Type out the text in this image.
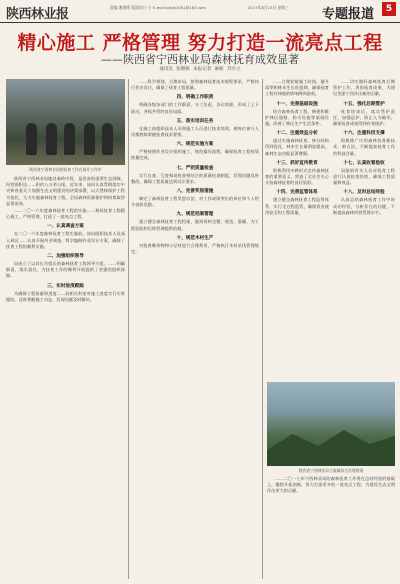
陕西林业报	责编 谢建晖 版面设计 于 E-mail:sxlyb1001@163.com	2017年8月23日 星期三	专题报道	5
精心施工 严格管理 努力打造一流亮点工程
——陕西省宁西林业局森林抚育成效显著
通讯员 张朝栋 本报记者 麻峪 苏少立
陕西省宁西林业局的抚育工作在展开工作中

陕西省宁西林业局地处秦岭中段，是西安的重要生态屏障，经营面积达……积约八万余公顷。近年来，该局认真贯彻落实中央和省委关于加强生态文明建设的决策部署，以天然林保护工程为依托，大力实施森林抚育工程，全局森林资源保护和培育取得显著成效。

……二〇一六年度森林抚育工程的实施……林局抚育工程精心施工，严格管理，打造了一流亮点工程。

一、认真调查方案

在二〇一六年度森林抚育工程实施前，该局组织技术人员深入林区……认真开展外业调查，科学编制作业设计方案，确保了抚育工程的顺利实施。

二、加强组织领导

局成立了以局长为组长的森林抚育工程领导小组，……明确职责，落实责任，为抚育工作的顺利开展提供了坚强的组织保障。

三、实时进度跟踪

为确保工程质量和进度……局相关科室对施工进度实行实时跟踪，及时掌握施工动态，发现问题及时解决。

……科学规划，合理布局，按照森林抚育技术规程要求，严格执行作业设计，确保了抚育工程质量。

四、明确工作职责

明确各级各部门的工作职责，分工负责，各司其职，形成了上下联动、齐抓共管的良好局面。

五、落实培训任务

在施工前组织技术人员和施工人员进行技术培训，使每位参与人员都熟练掌握抚育技术要领。

六、规范实施方案

严格按照作业设计组织施工，规范操作流程，确保抚育工程按质按量完成。

七、严把质量检查

实行自查、互查和局检查相结合的质量检查制度，发现问题及时整改，确保工程质量达到设计要求。

八、完善奖惩措施

制定了森林抚育工程奖惩办法，对工作成绩突出的单位和个人给予表彰奖励。

九、规范档案管理

建立健全森林抚育工程档案，做到资料完整、规范、准确，为工程验收和后续管理提供依据。

十、规范木材生产

对抚育剩余物和小径材进行合理利用，严格执行木材采伐管理规定。

……合理安排施工时间，避开雨季和林木生长旺盛期，确保抚育工程对林地的影响降到最低。

十一、完善基础设施

结合森林抚育工程，修建和维护林区道路、防火设施等基础设施，改善了林区生产生活条件。

十二、注重效益分析

通过实施森林抚育，林分结构得到优化，林木生长量明显提高，森林生态功能显著增强。

十三、抓好宣传教育

积极利用多种形式宣传森林抚育的重要意义，营造了全社会关心支持森林抚育的良好氛围。

十四、完善监管体系

建立健全森林抚育工程监管体系，实行全过程监管，确保资金使用安全和工程质量。

……切实做好森林抚育后期管护工作，巩固抚育成果，为建设美丽宁西作出新的贡献。

十五、强化后期管护

抚育结束后，落实管护责任，加强巡护，防止人为破坏，确保抚育成果得到有效保护。

十六、注重科技支撑

积极推广应用森林抚育新技术、新方法，不断提高抚育工作的科技含量。

十七、认真收看验收

局组织有关人员对抚育工程进行认真检查验收，确保工程质量和效益。

十八、及时总结经验

认真总结森林抚育工作中的成功经验，分析存在的问题，不断提高森林经营管理水平。

陕西省宁西林业局小流域综合治理现场

……二〇一七年宁西林业局的森林抚育工作将在总结经验的基础上，继续开拓创新，努力打造更多的一流亮点工程，为建设生态文明作出更大的贡献。
